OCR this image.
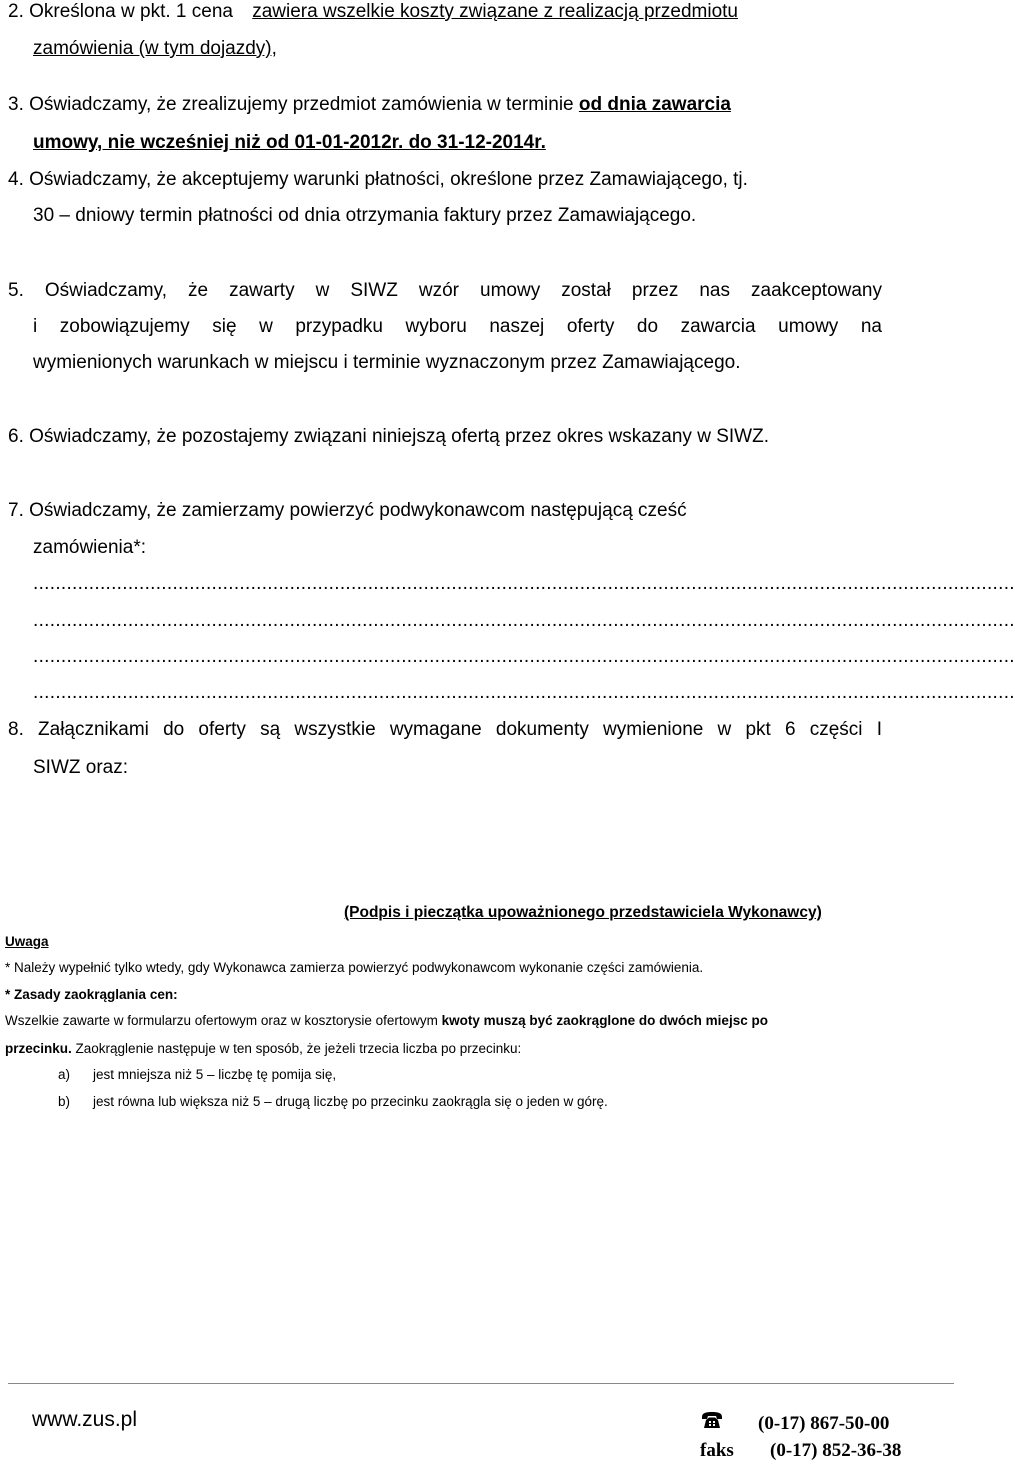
2. Określona w pkt. 1 cena zawiera wszelkie koszty związane z realizacją przedmiotu
zamówienia (w tym dojazdy),
3. Oświadczamy, że zrealizujemy przedmiot zamówienia w terminie od dnia zawarcia
umowy, nie wcześniej niż od 01-01-2012r. do 31-12-2014r.
4. Oświadczamy, że akceptujemy warunki płatności, określone przez Zamawiającego, tj.
30 – dniowy termin płatności od dnia otrzymania faktury przez Zamawiającego.
5. Oświadczamy, że zawarty w SIWZ wzór umowy został przez nas zaakceptowany
i zobowiązujemy się w przypadku wyboru naszej oferty do zawarcia umowy na
wymienionych warunkach w miejscu i terminie wyznaczonym przez Zamawiającego.
6. Oświadczamy, że pozostajemy związani niniejszą ofertą przez okres wskazany w SIWZ.
7. Oświadczamy, że zamierzamy powierzyć podwykonawcom następującą cześć
zamówienia*:
................................................................................................................................................................................
................................................................................................................................................................................
................................................................................................................................................................................
................................................................................................................................................................................
8. Załącznikami do oferty są wszystkie wymagane dokumenty wymienione w pkt 6 części I
SIWZ oraz:
(Podpis i pieczątka upoważnionego przedstawiciela Wykonawcy)
Uwaga
* Należy wypełnić tylko wtedy, gdy Wykonawca zamierza powierzyć podwykonawcom wykonanie części zamówienia.
* Zasady zaokrąglania cen:
Wszelkie zawarte w formularzu ofertowym oraz w kosztorysie ofertowym kwoty muszą być zaokrąglone do dwóch miejsc po
przecinku. Zaokrąglenie następuje w ten sposób, że jeżeli trzecia liczba po przecinku:
a) jest mniejsza niż 5 – liczbę tę pomija się,
b) jest równa lub większa niż 5 – drugą liczbę po przecinku zaokrągla się o jeden w górę.
www.zus.pl	(0-17) 867-50-00
faks	(0-17) 852-36-38
